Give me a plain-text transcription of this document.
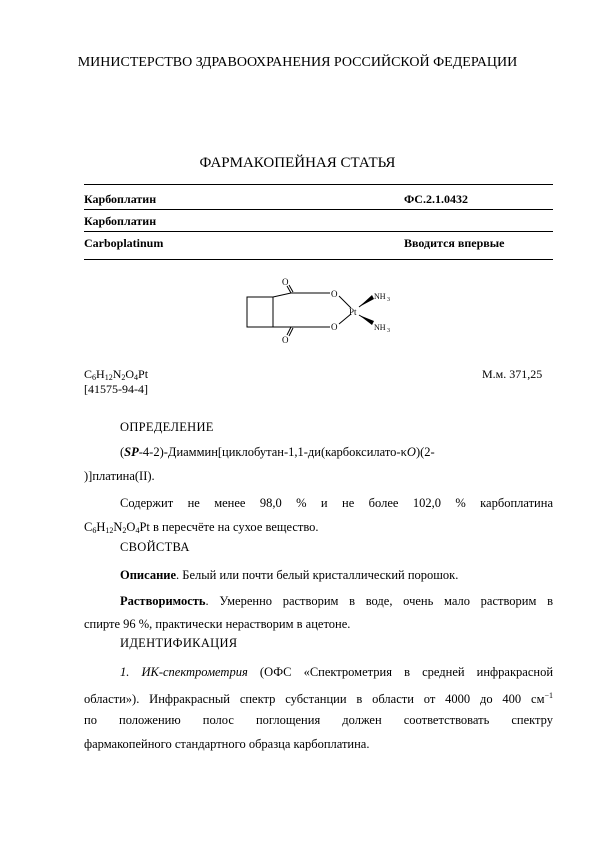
МИНИСТЕРСТВО ЗДРАВООХРАНЕНИЯ РОССИЙСКОЙ ФЕДЕРАЦИИ
ФАРМАКОПЕЙНАЯ СТАТЬЯ
Карбоплатин	ФС.2.1.0432
Карбоплатин
Carboplatinum	Вводится впервые
O
O
O
O
Pt
NH 3
NH 3
$C_6H_{12}N_2O_4Pt$	М.м. 371,25
[41575-94-4]
ОПРЕДЕЛЕНИЕ
(SP-4-2)-Диаммин[циклобутан-1,1-ди(карбоксилато-κO)(2-
)]платина(II).
Содержит не менее 98,0 % и не более 102,0 % карбоплатина
$C_6H_{12}N_2O_4Pt$ в пересчёте на сухое вещество.
СВОЙСТВА
Описание. Белый или почти белый кристаллический порошок.
Растворимость. Умеренно растворим в воде, очень мало растворим в
спирте 96 %, практически нерастворим в ацетоне.
ИДЕНТИФИКАЦИЯ
1. ИК-спектрометрия (ОФС «Спектрометрия в средней инфракрасной
области»). Инфракрасный спектр субстанции в области от 4000 до 400 $см^{-1}$
по положению полос поглощения должен соответствовать спектру
фармакопейного стандартного образца карбоплатина.
